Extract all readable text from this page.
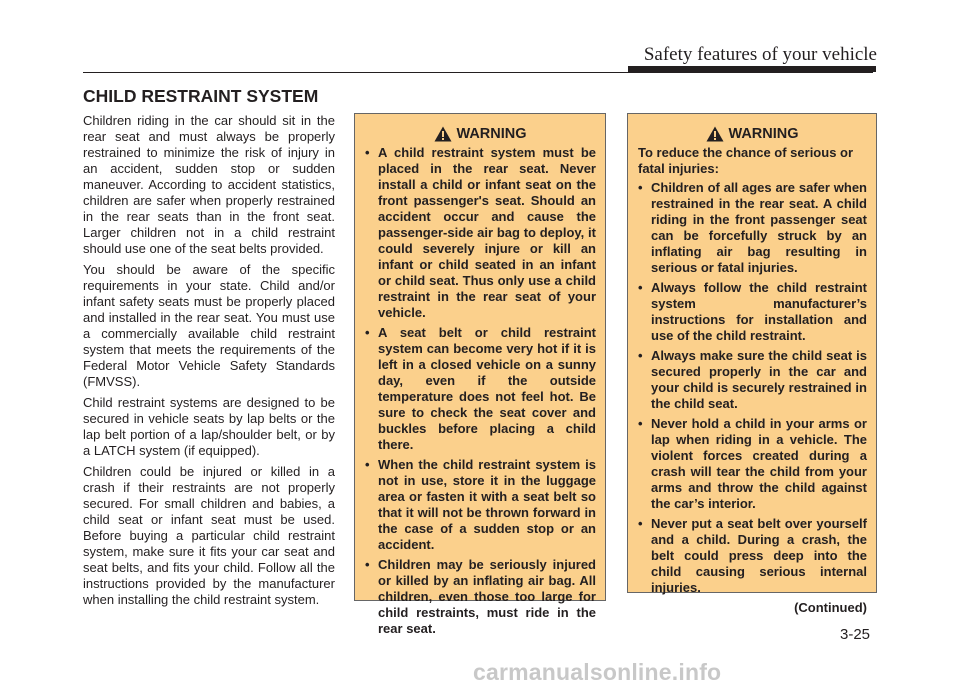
Safety features of your vehicle
CHILD RESTRAINT SYSTEM

Children riding in the car should sit in the rear seat and must always be properly restrained to minimize the risk of injury in an accident, sudden stop or sudden maneuver. According to accident statistics, children are safer when properly restrained in the rear seats than in the front seat. Larger children not in a child restraint should use one of the seat belts provided.

You should be aware of the specific requirements in your state. Child and/or infant safety seats must be properly placed and installed in the rear seat. You must use a commercially available child restraint system that meets the requirements of the Federal Motor Vehicle Safety Standards (FMVSS).

Child restraint systems are designed to be secured in vehicle seats by lap belts or the lap belt portion of a lap/shoulder belt, or by a LATCH system (if equipped).

Children could be injured or killed in a crash if their restraints are not properly secured. For small children and babies, a child seat or infant seat must be used. Before buying a particular child restraint system, make sure it fits your car seat and seat belts, and fits your child. Follow all the instructions provided by the manufacturer when installing the child restraint system.

WARNING
• A child restraint system must be placed in the rear seat. Never install a child or infant seat on the front passenger's seat. Should an accident occur and cause the passenger-side air bag to deploy, it could severely injure or kill an infant or child seated in an infant or child seat. Thus only use a child restraint in the rear seat of your vehicle.
• A seat belt or child restraint system can become very hot if it is left in a closed vehicle on a sunny day, even if the outside temperature does not feel hot. Be sure to check the seat cover and buckles before placing a child there.
• When the child restraint system is not in use, store it in the luggage area or fasten it with a seat belt so that it will not be thrown forward in the case of a sudden stop or an accident.
• Children may be seriously injured or killed by an inflating air bag. All children, even those too large for child restraints, must ride in the rear seat.
WARNING

To reduce the chance of serious or fatal injuries:

• Children of all ages are safer when restrained in the rear seat. A child riding in the front passenger seat can be forcefully struck by an inflating air bag resulting in serious or fatal injuries.
• Always follow the child restraint system manufacturer’s instructions for installation and use of the child restraint.
• Always make sure the child seat is secured properly in the car and your child is securely restrained in the child seat.
• Never hold a child in your arms or lap when riding in a vehicle. The violent forces created during a crash will tear the child from your arms and throw the child against the car’s interior.
• Never put a seat belt over yourself and a child. During a crash, the belt could press deep into the child causing serious internal injuries.
(Continued)
3-25
carmanualsonline.info
